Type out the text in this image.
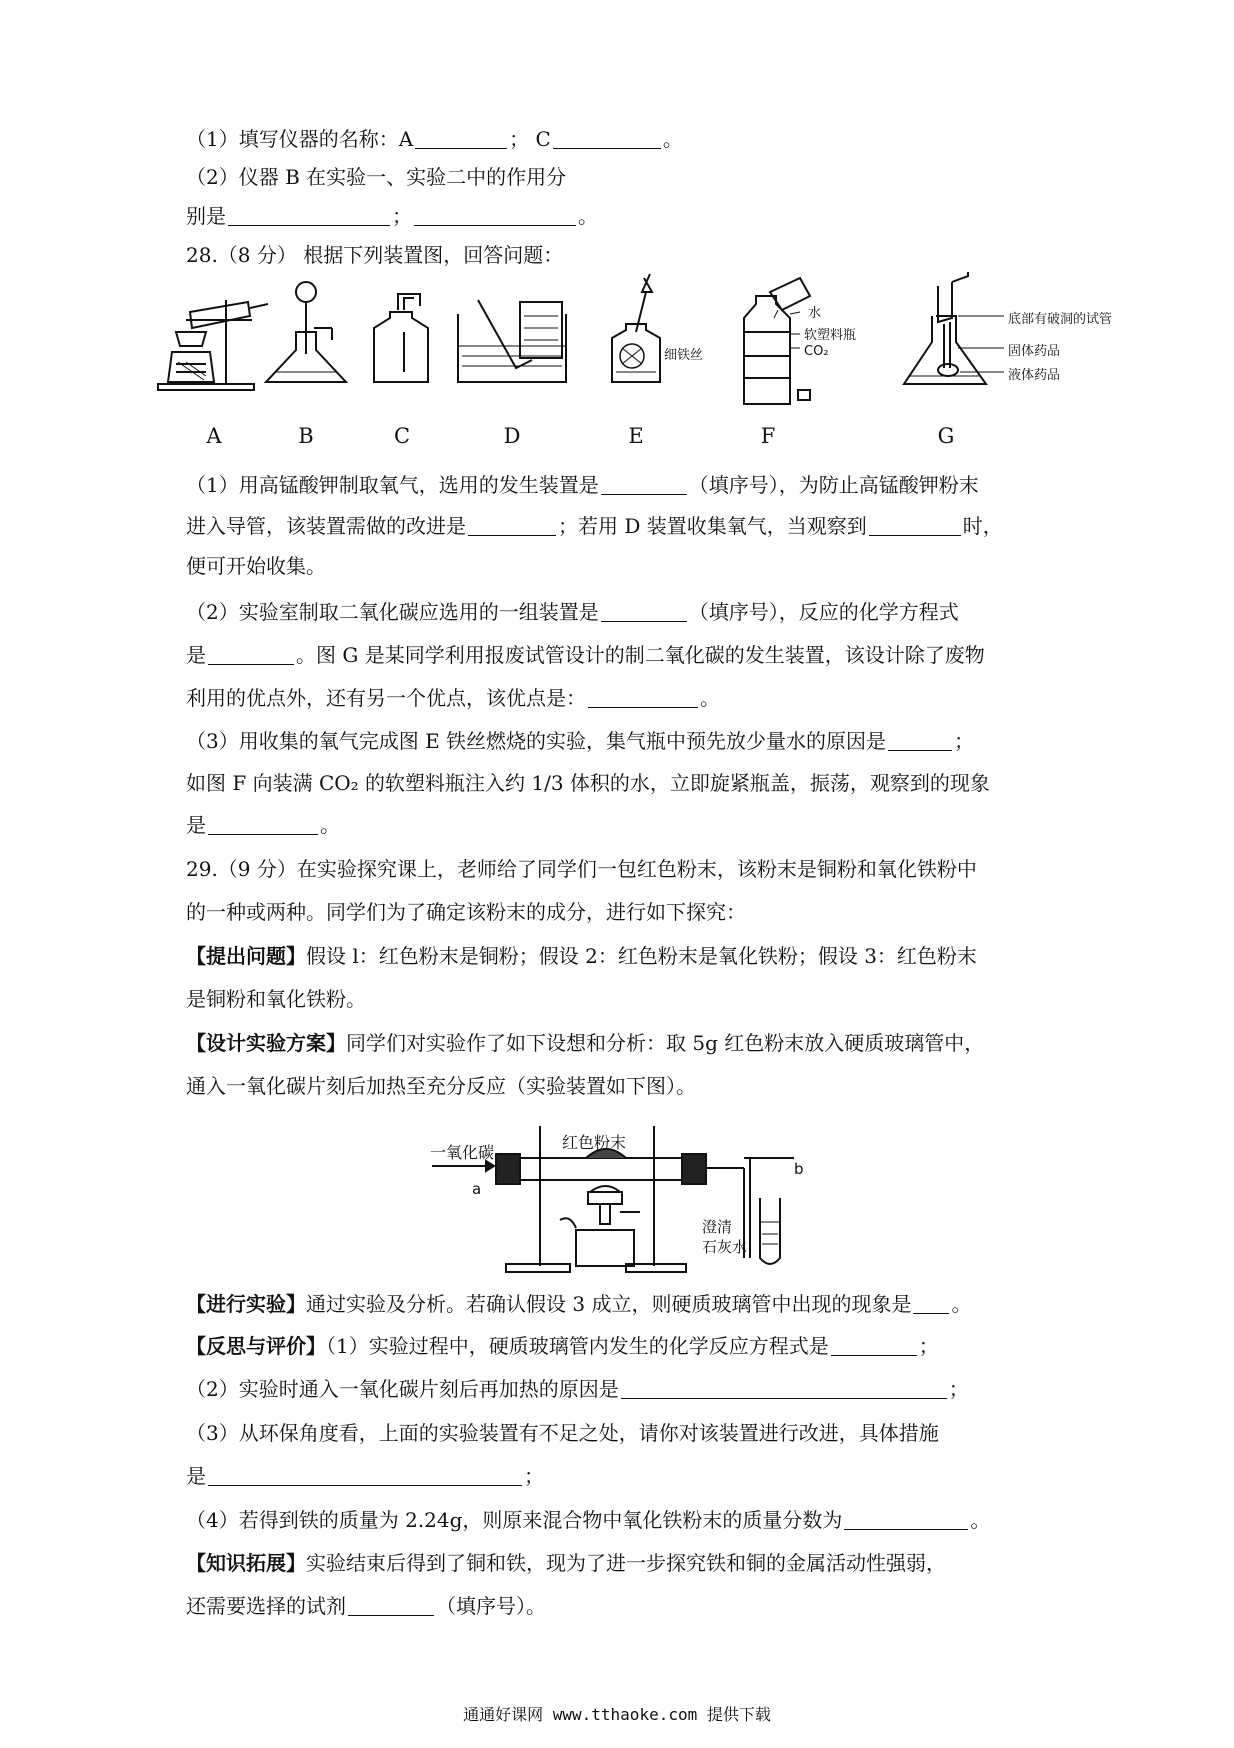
（1）填写仪器的名称：A	； C	。
（2）仪器 B 在实验一、实验二中的作用分
别是	；	。
28.（8 分） 根据下列装置图，回答问题：
A	B	C	D	E	F	G
细铁丝
水
软塑料瓶
CO₂
底部有破洞的试管
固体药品
液体药品
（1）用高锰酸钾制取氧气，选用的发生装置是	（填序号），为防止高锰酸钾粉末
进入导管，该装置需做的改进是	；若用 D 装置收集氧气，当观察到	时，
便可开始收集。
（2）实验室制取二氧化碳应选用的一组装置是	（填序号），反应的化学方程式
是	。图 G 是某同学利用报废试管设计的制二氧化碳的发生装置，该设计除了废物
利用的优点外，还有另一个优点，该优点是：	。
（3）用收集的氧气完成图 E 铁丝燃烧的实验，集气瓶中预先放少量水的原因是	；
如图 F 向装满 CO₂ 的软塑料瓶注入约 1/3 体积的水，立即旋紧瓶盖，振荡，观察到的现象
是	。
29.（9 分）在实验探究课上，老师给了同学们一包红色粉末，该粉末是铜粉和氧化铁粉中
的一种或两种。同学们为了确定该粉末的成分，进行如下探究：
【提出问题】假设 l：红色粉末是铜粉；假设 2：红色粉末是氧化铁粉；假设 3：红色粉末
是铜粉和氧化铁粉。
【设计实验方案】同学们对实验作了如下设想和分析：取 5g 红色粉末放入硬质玻璃管中，
通入一氧化碳片刻后加热至充分反应（实验装置如下图）。
一氧化碳
红色粉末
a
b
澄清
石灰水
【进行实验】通过实验及分析。若确认假设 3 成立，则硬质玻璃管中出现的现象是 。
【反思与评价】（1）实验过程中，硬质玻璃管内发生的化学反应方程式是	；
（2）实验时通入一氧化碳片刻后再加热的原因是	；
（3）从环保角度看，上面的实验装置有不足之处，请你对该装置进行改进，具体措施
是	；
（4）若得到铁的质量为 2.24g，则原来混合物中氧化铁粉末的质量分数为	。
【知识拓展】实验结束后得到了铜和铁，现为了进一步探究铁和铜的金属活动性强弱，
还需要选择的试剂	（填序号）。
通通好课网 www.tthaoke.com 提供下载
